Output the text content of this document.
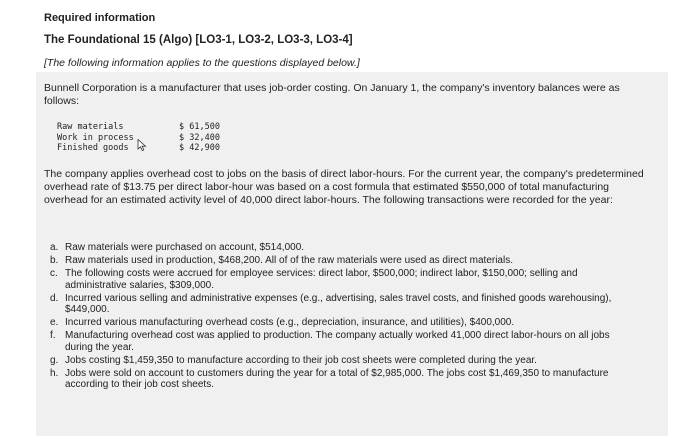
Required information
The Foundational 15 (Algo) [LO3-1, LO3-2, LO3-3, LO3-4]
[The following information applies to the questions displayed below.]
Bunnell Corporation is a manufacturer that uses job-order costing. On January 1, the company's inventory balances were as follows:
Raw materials	$ 61,500
Work in process	$ 32,400
Finished goods	$ 42,900
The company applies overhead cost to jobs on the basis of direct labor-hours. For the current year, the company's predetermined overhead rate of $13.75 per direct labor-hour was based on a cost formula that estimated $550,000 of total manufacturing overhead for an estimated activity level of 40,000 direct labor-hours. The following transactions were recorded for the year:
a. Raw materials were purchased on account, $514,000.
b. Raw materials used in production, $468,200. All of of the raw materials were used as direct materials.
c. The following costs were accrued for employee services: direct labor, $500,000; indirect labor, $150,000; selling and administrative salaries, $309,000.
d. Incurred various selling and administrative expenses (e.g., advertising, sales travel costs, and finished goods warehousing), $449,000.
e. Incurred various manufacturing overhead costs (e.g., depreciation, insurance, and utilities), $400,000.
f. Manufacturing overhead cost was applied to production. The company actually worked 41,000 direct labor-hours on all jobs during the year.
g. Jobs costing $1,459,350 to manufacture according to their job cost sheets were completed during the year.
h. Jobs were sold on account to customers during the year for a total of $2,985,000. The jobs cost $1,469,350 to manufacture according to their job cost sheets.
